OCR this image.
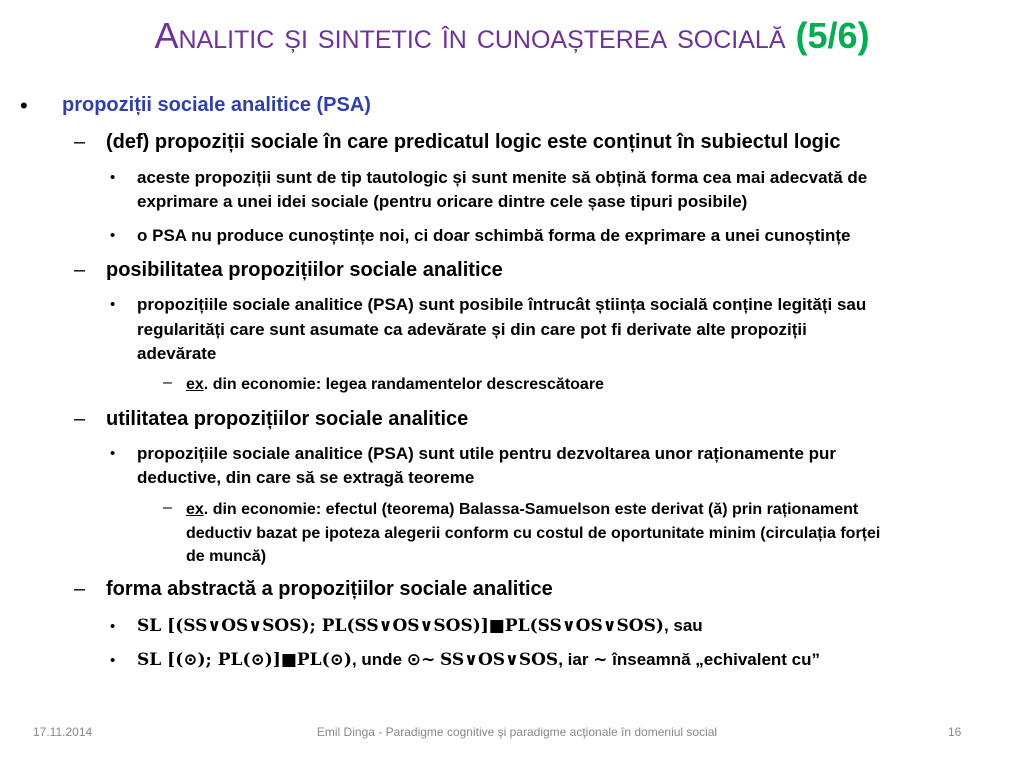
Analitic și sintetic în cunoașterea socială (5/6)
• propoziții sociale analitice (PSA)
– (def) propoziții sociale în care predicatul logic este conținut în subiectul logic
• aceste propoziții sunt de tip tautologic și sunt menite să obțină forma cea mai adecvată de
exprimare a unei idei sociale (pentru oricare dintre cele șase tipuri posibile)
• o PSA nu produce cunoștințe noi, ci doar schimbă forma de exprimare a unei cunoștințe
– posibilitatea propozițiilor sociale analitice
• propozițiile sociale analitice (PSA) sunt posibile întrucât știința socială conține legități sau
regularități care sunt asumate ca adevărate și din care pot fi derivate alte propoziții
adevărate
– ex. din economie: legea randamentelor descrescătoare
– utilitatea propozițiilor sociale analitice
• propozițiile sociale analitice (PSA) sunt utile pentru dezvoltarea unor raționamente pur
deductive, din care să se extragă teoreme
– ex. din economie: efectul (teorema) Balassa-Samuelson este derivat (ă) prin raționament
deductiv bazat pe ipoteza alegerii conform cu costul de oportunitate minim (circulația forței
de muncă)
– forma abstractă a propozițiilor sociale analitice
• SL [(SS∨OS∨SOS); PL(SS∨OS∨SOS)]■PL(SS∨OS∨SOS), sau
• SL [(⊙); PL(⊙)]■PL(⊙), unde ⊙∼ SS∨OS∨SOS, iar ∼ înseamnă „echivalent cu”
17.11.2014	Emil Dinga - Paradigme cognitive şi paradigme acţionale în domeniul social	16
